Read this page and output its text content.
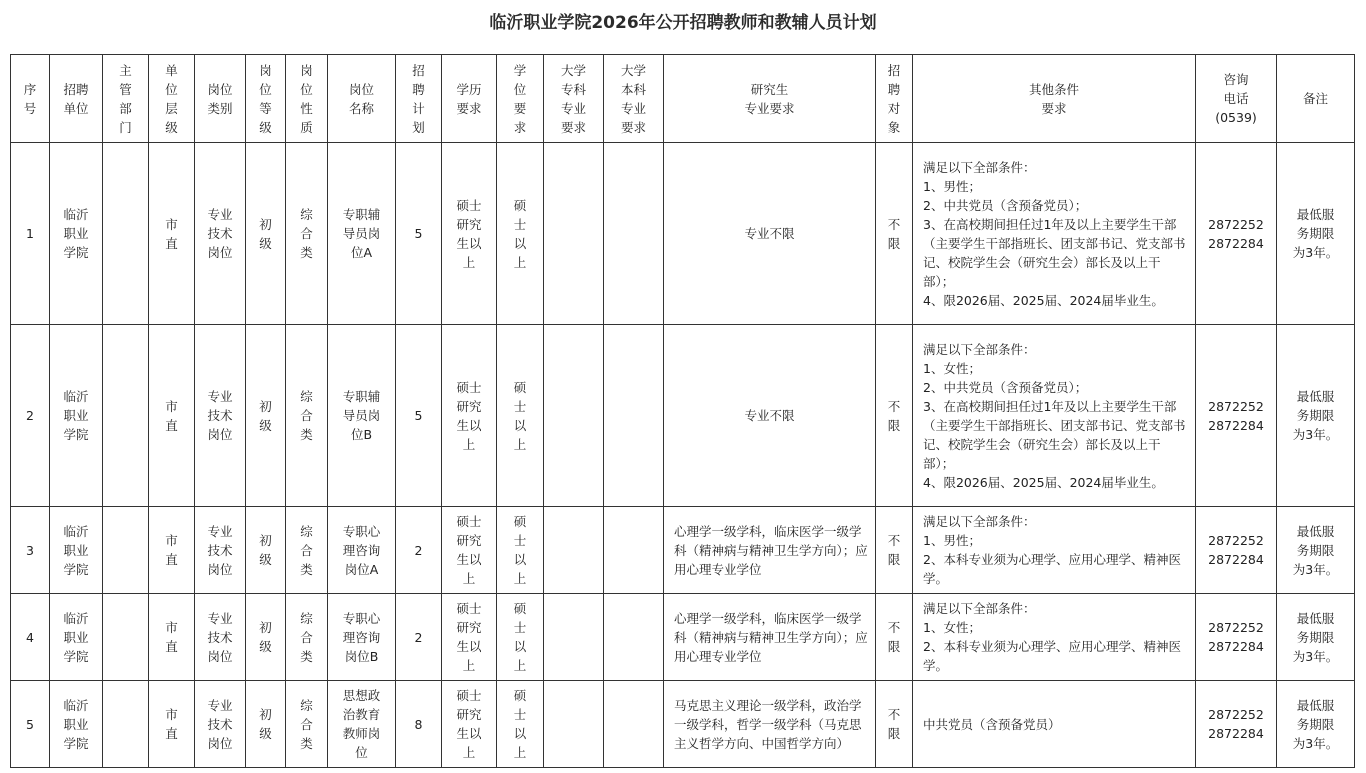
临沂职业学院2026年公开招聘教师和教辅人员计划
序
号	招聘
单位	主
管
部
门	单
位
层
级	岗位
类别	岗
位
等
级	岗
位
性
质	岗位
名称	招
聘
计
划	学历
要求	学
位
要
求	大学
专科
专业
要求	大学
本科
专业
要求	研究生
专业要求	招
聘
对
象	其他条件
要求	咨询
电话
(0539)	备注

1	临沂
职业
学院		市
直	专业
技术
岗位	初
级	综
合
类	专职辅
导员岗
位A	5	硕士
研究
生以
上	硕
士
以
上			专业不限	不
限	满足以下全部条件：
1、男性；
2、中共党员（含预备党员）；
3、在高校期间担任过1年及以上主要学生干部（主要学生干部指班长、团支部书记、党支部书记、校院学生会（研究生会）部长及以上干部）；
4、限2026届、2025届、2024届毕业生。	2872252
2872284	最低服
务期限
为3年。

2	临沂
职业
学院		市
直	专业
技术
岗位	初
级	综
合
类	专职辅
导员岗
位B	5	硕士
研究
生以
上	硕
士
以
上			专业不限	不
限	满足以下全部条件：
1、女性；
2、中共党员（含预备党员）；
3、在高校期间担任过1年及以上主要学生干部（主要学生干部指班长、团支部书记、党支部书记、校院学生会（研究生会）部长及以上干部）；
4、限2026届、2025届、2024届毕业生。	2872252
2872284	最低服
务期限
为3年。

3	临沂
职业
学院		市
直	专业
技术
岗位	初
级	综
合
类	专职心
理咨询
岗位A	2	硕士
研究
生以
上	硕
士
以
上			心理学一级学科，临床医学一级学科（精神病与精神卫生学方向）；应用心理专业学位	不
限	满足以下全部条件：
1、男性；
2、本科专业须为心理学、应用心理学、精神医学。	2872252
2872284	最低服
务期限
为3年。

4	临沂
职业
学院		市
直	专业
技术
岗位	初
级	综
合
类	专职心
理咨询
岗位B	2	硕士
研究
生以
上	硕
士
以
上			心理学一级学科，临床医学一级学科（精神病与精神卫生学方向）；应用心理专业学位	不
限	满足以下全部条件：
1、女性；
2、本科专业须为心理学、应用心理学、精神医学。	2872252
2872284	最低服
务期限
为3年。

5	临沂
职业
学院		市
直	专业
技术
岗位	初
级	综
合
类	思想政
治教育
教师岗
位	8	硕士
研究
生以
上	硕
士
以
上			马克思主义理论一级学科，政治学一级学科，哲学一级学科（马克思主义哲学方向、中国哲学方向）	不
限	中共党员（含预备党员）	2872252
2872284	最低服
务期限
为3年。
